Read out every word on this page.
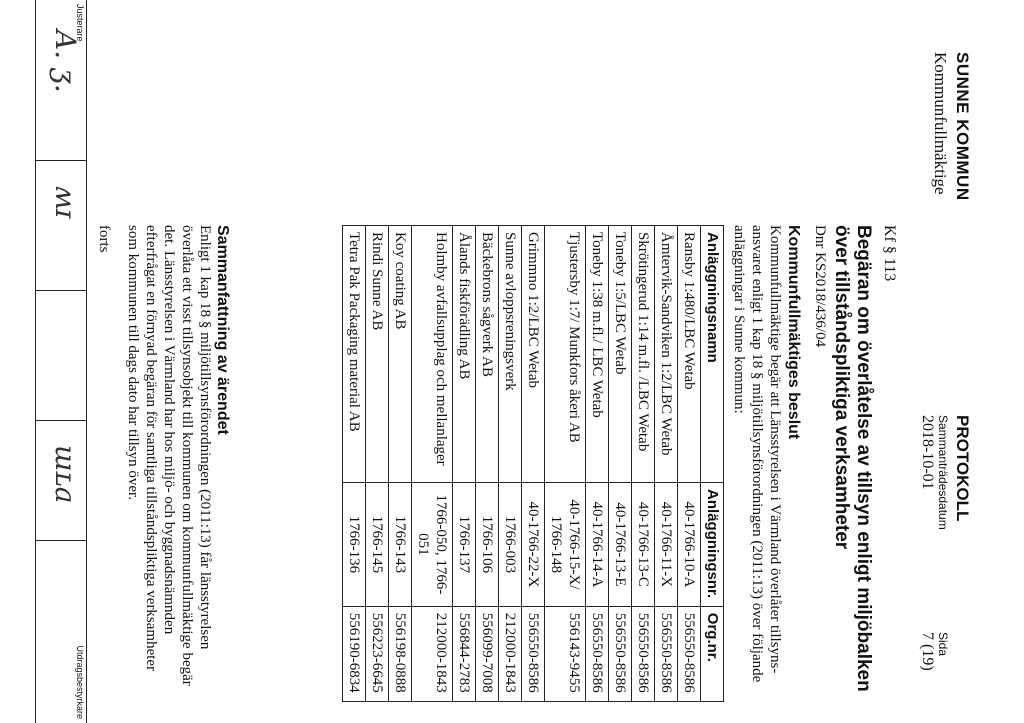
SUNNE KOMMUN
Kommunfullmäktige
PROTOKOLL
Sammanträdesdatum
2018-10-01
Sida
7 (19)
Kf § 113
Begäran om överlåtelse av tillsyn enligt miljöbalken över tillståndspliktiga verksamheter
Dnr KS2018/436/04
Kommunfullmäktiges beslut
Kommunfullmäktige begär att Länsstyrelsen i Värmland överlåter tillsyns-ansvaret enligt 1 kap 18 § miljötillsynsförordningen (2011:13) över följande anläggningar i Sunne kommun:
Anläggningsnamn	Anläggningsnr.	Org.nr.
Ransby 1:480/LBC Wetab	40-1766-10-A	556550-8586
Åmtervik-Sandviken 1:2/LBC Wetab	40-1766-11-X	556550-8586
Skrötingerud 1:14 m.fl. /LBC Wetab	40-1766-13-C	556550-8586
Toneby 1:5/LBC Wetab	40-1766-13-E	556550-8586
Toneby 1:38 m.fl./ LBC Wetab	40-1766-14-A	556550-8586
Tjustersby 1:7/ Munkfors åkeri AB	40-1766-15-X/ 1766-148	556143-9455
Grimmno 1:2/LBC Wetab	40-1766-22-X	556550-8586
Sunne avloppsreningsverk	1766-003	212000-1843
Bäckebrons sågverk AB	1766-106	556099-7008
Ålands fiskförädling AB	1766-137	556844-2783
Holmby avfallsupplag och mellanlager	1766-050, 1766-051	212000-1843
Koy coating AB	1766-143	556198-0888
Rindi Sunne AB	1766-145	556223-6645
Tetra Pak Packaging material AB	1766-136	556190-6834
Sammanfattning av ärendet
Enligt 1 kap 18 § miljötillsynsförordningen (2011:13) får länsstyrelsen överlåta ett visst tillsynsobjekt till kommunen om kommunfullmäktige begär det. Länsstyrelsen i Värmland har hos miljö- och byggnadsnämnden efterfrågat en förnyad begäran för samtliga tillståndspliktiga verksamheter som kommunen till dags dato har tillsyn över.
forts
Justerare
A. ʒ.
ʍɪ
ɯʟa
Utdragsbestyrkare
